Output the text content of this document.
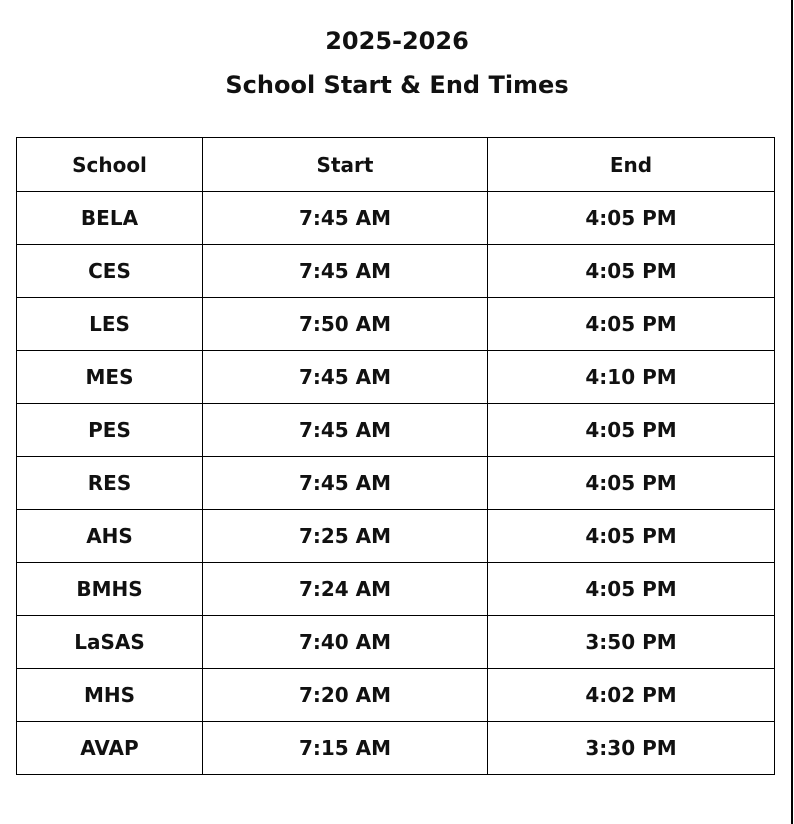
2025-2026
School Start & End Times
School	Start	End
BELA	7:45 AM	4:05 PM
CES	7:45 AM	4:05 PM
LES	7:50 AM	4:05 PM
MES	7:45 AM	4:10 PM
PES	7:45 AM	4:05 PM
RES	7:45 AM	4:05 PM
AHS	7:25 AM	4:05 PM
BMHS	7:24 AM	4:05 PM
LaSAS	7:40 AM	3:50 PM
MHS	7:20 AM	4:02 PM
AVAP	7:15 AM	3:30 PM
